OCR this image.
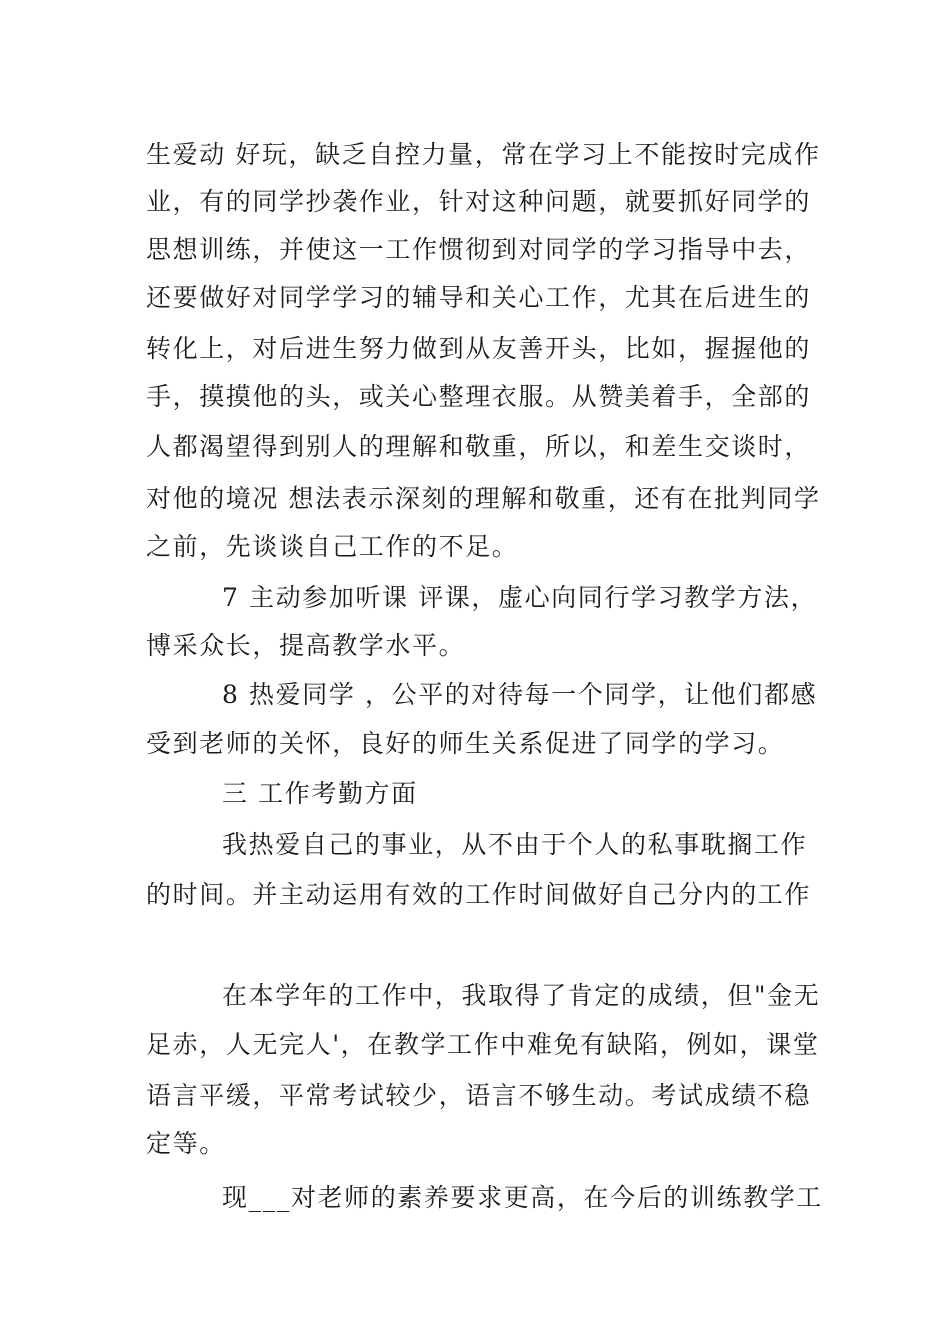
生爱动 好玩，缺乏自控力量，常在学习上不能按时完成作
业，有的同学抄袭作业，针对这种问题，就要抓好同学的
思想训练，并使这一工作惯彻到对同学的学习指导中去，
还要做好对同学学习的辅导和关心工作，尤其在后进生的
转化上，对后进生努力做到从友善开头，比如，握握他的
手，摸摸他的头，或关心整理衣服。从赞美着手，全部的
人都渴望得到别人的理解和敬重，所以，和差生交谈时，
对他的境况 想法表示深刻的理解和敬重，还有在批判同学
之前，先谈谈自己工作的不足。
7 主动参加听课 评课，虚心向同行学习教学方法，
博采众长，提高教学水平。
8 热爱同学 ，公平的对待每一个同学，让他们都感
受到老师的关怀，良好的师生关系促进了同学的学习。
三 工作考勤方面
我热爱自己的事业，从不由于个人的私事耽搁工作
的时间。并主动运用有效的工作时间做好自己分内的工作
在本学年的工作中，我取得了肯定的成绩，但"金无
足赤，人无完人'，在教学工作中难免有缺陷，例如，课堂
语言平缓，平常考试较少，语言不够生动。考试成绩不稳
定等。
现___对老师的素养要求更高，在今后的训练教学工
